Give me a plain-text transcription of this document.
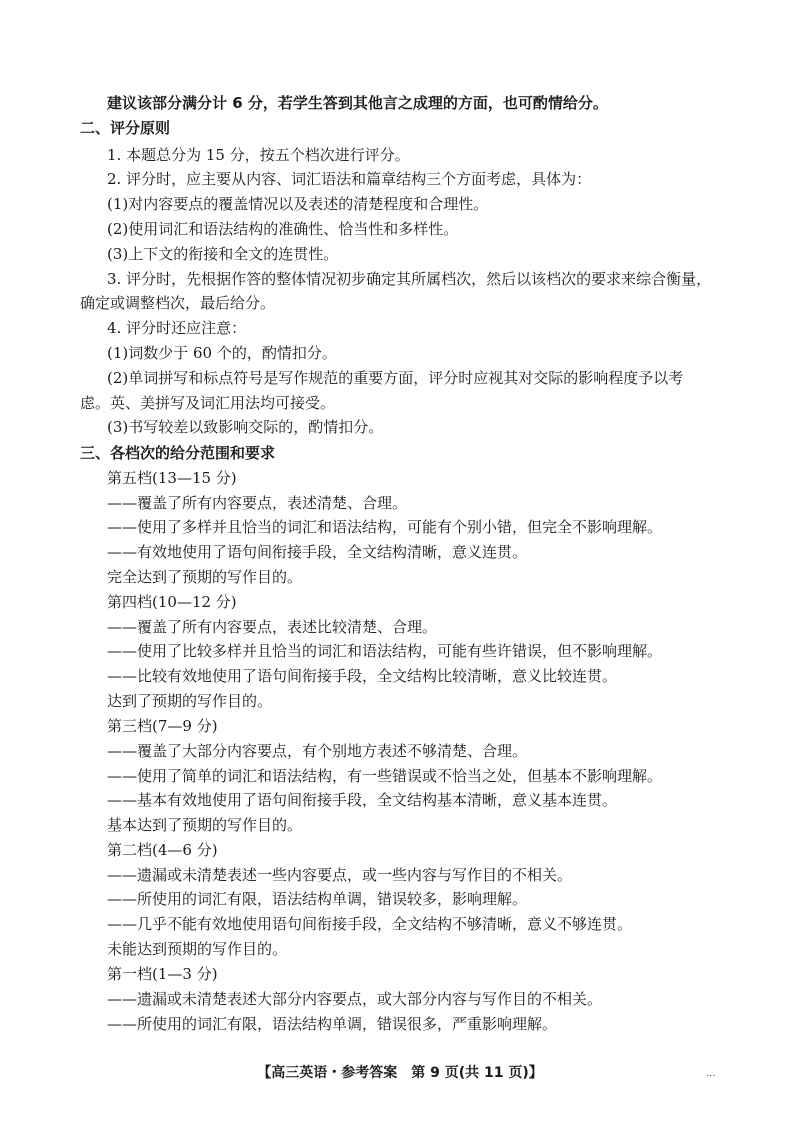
建议该部分满分计 6 分，若学生答到其他言之成理的方面，也可酌情给分。
二、评分原则
1. 本题总分为 15 分，按五个档次进行评分。
2. 评分时，应主要从内容、词汇语法和篇章结构三个方面考虑，具体为：
(1)对内容要点的覆盖情况以及表述的清楚程度和合理性。
(2)使用词汇和语法结构的准确性、恰当性和多样性。
(3)上下文的衔接和全文的连贯性。
3. 评分时，先根据作答的整体情况初步确定其所属档次，然后以该档次的要求来综合衡量，
确定或调整档次，最后给分。
4. 评分时还应注意：
(1)词数少于 60 个的，酌情扣分。
(2)单词拼写和标点符号是写作规范的重要方面，评分时应视其对交际的影响程度予以考
虑。英、美拼写及词汇用法均可接受。
(3)书写较差以致影响交际的，酌情扣分。
三、各档次的给分范围和要求
第五档(13—15 分)
——覆盖了所有内容要点，表述清楚、合理。
——使用了多样并且恰当的词汇和语法结构，可能有个别小错，但完全不影响理解。
——有效地使用了语句间衔接手段，全文结构清晰，意义连贯。
完全达到了预期的写作目的。
第四档(10—12 分)
——覆盖了所有内容要点，表述比较清楚、合理。
——使用了比较多样并且恰当的词汇和语法结构，可能有些许错误，但不影响理解。
——比较有效地使用了语句间衔接手段，全文结构比较清晰，意义比较连贯。
达到了预期的写作目的。
第三档(7—9 分)
——覆盖了大部分内容要点，有个别地方表述不够清楚、合理。
——使用了简单的词汇和语法结构，有一些错误或不恰当之处，但基本不影响理解。
——基本有效地使用了语句间衔接手段，全文结构基本清晰，意义基本连贯。
基本达到了预期的写作目的。
第二档(4—6 分)
——遗漏或未清楚表述一些内容要点，或一些内容与写作目的不相关。
——所使用的词汇有限，语法结构单调，错误较多，影响理解。
——几乎不能有效地使用语句间衔接手段，全文结构不够清晰，意义不够连贯。
未能达到预期的写作目的。
第一档(1—3 分)
——遗漏或未清楚表述大部分内容要点，或大部分内容与写作目的不相关。
——所使用的词汇有限，语法结构单调，错误很多，严重影响理解。
【高三英语・参考答案　第 9 页(共 11 页)】	...
